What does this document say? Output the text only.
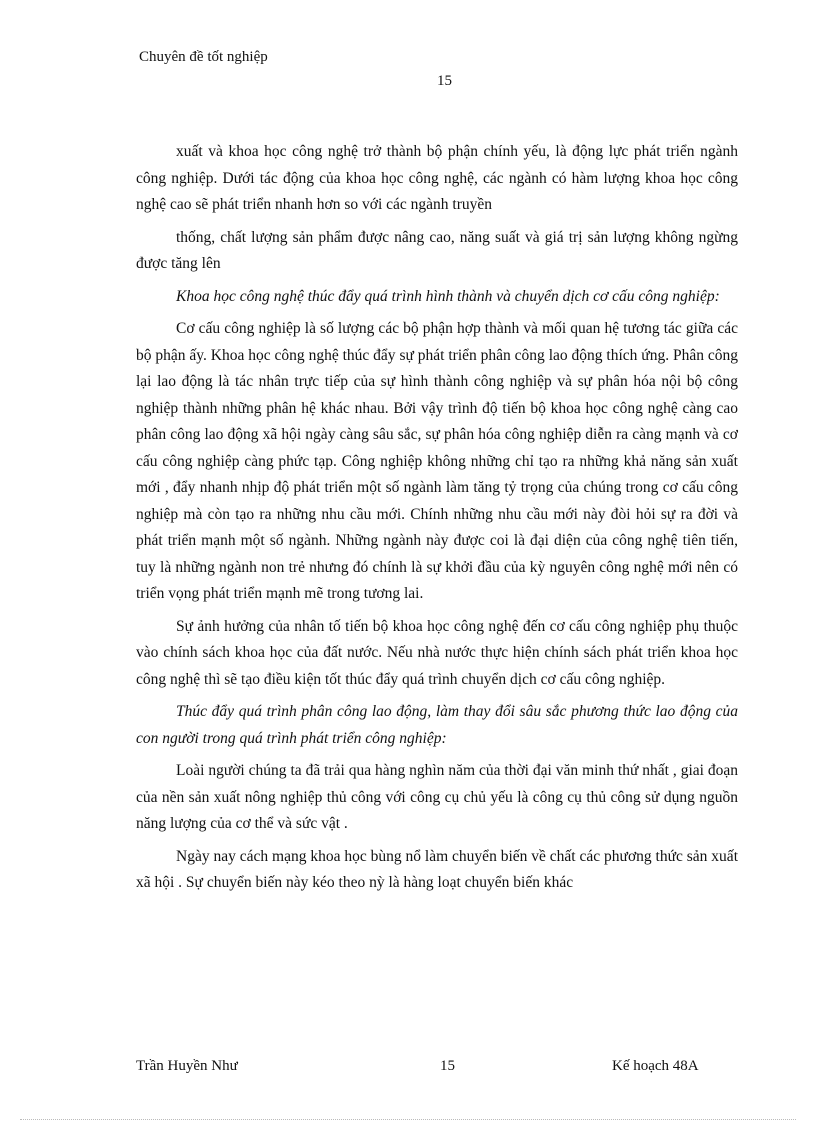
Chuyên đề tốt nghiệp
15

xuất và khoa học công nghệ trở thành bộ phận chính yếu, là động lực phát triển ngành công nghiệp. Dưới tác động của khoa học công nghệ, các ngành có hàm lượng khoa học công nghệ cao sẽ phát triển nhanh hơn so với các ngành truyền

thống, chất lượng sản phẩm được nâng cao, năng suất và giá trị sản lượng không ngừng được tăng lên

Khoa học công nghệ thúc đẩy quá trình hình thành và chuyển dịch cơ cấu công nghiệp:

Cơ cấu công nghiệp là số lượng các bộ phận hợp thành và mối quan hệ tương tác giữa các bộ phận ấy. Khoa học công nghệ thúc đẩy sự phát triển phân công lao động thích ứng. Phân công lại lao động là tác nhân trực tiếp của sự hình thành công nghiệp và sự phân hóa nội bộ công nghiệp thành những phân hệ khác nhau. Bởi vậy trình độ tiến bộ khoa học công nghệ càng cao phân công lao động xã hội ngày càng sâu sắc, sự phân hóa công nghiệp diễn ra càng mạnh và cơ cấu công nghiệp càng phức tạp. Công nghiệp không những chỉ tạo ra những khả năng sản xuất mới , đẩy nhanh nhịp độ phát triển một số ngành làm tăng tỷ trọng của chúng trong cơ cấu công nghiệp mà còn tạo ra những nhu cầu mới. Chính những nhu cầu mới này đòi hỏi sự ra đời và phát triển mạnh một số ngành. Những ngành này được coi là đại diện của công nghệ tiên tiến, tuy là những ngành non trẻ nhưng đó chính là sự khởi đầu của kỳ nguyên công nghệ mới nên có triển vọng phát triển mạnh mẽ trong tương lai.

Sự ảnh hưởng của nhân tố tiến bộ khoa học công nghệ đến cơ cấu công nghiệp phụ thuộc vào chính sách khoa học của đất nước. Nếu nhà nước thực hiện chính sách phát triển khoa học công nghệ thì sẽ tạo điều kiện tốt thúc đẩy quá trình chuyển dịch cơ cấu công nghiệp.

Thúc đẩy quá trình phân công lao động, làm thay đổi sâu sắc phương thức lao động của con người trong quá trình phát triển công nghiệp:

Loài người chúng ta đã trải qua hàng nghìn năm của thời đại văn minh thứ nhất , giai đoạn của nền sản xuất nông nghiệp thủ công với công cụ chủ yếu là công cụ thủ công sử dụng nguồn năng lượng của cơ thể và sức vật .

Ngày nay cách mạng khoa học bùng nổ làm chuyển biến về chất các phương thức sản xuất xã hội . Sự chuyển biến này kéo theo nỳ là hàng loạt chuyển biến khác

Trần Huyền Như	15	Kế hoạch 48A
